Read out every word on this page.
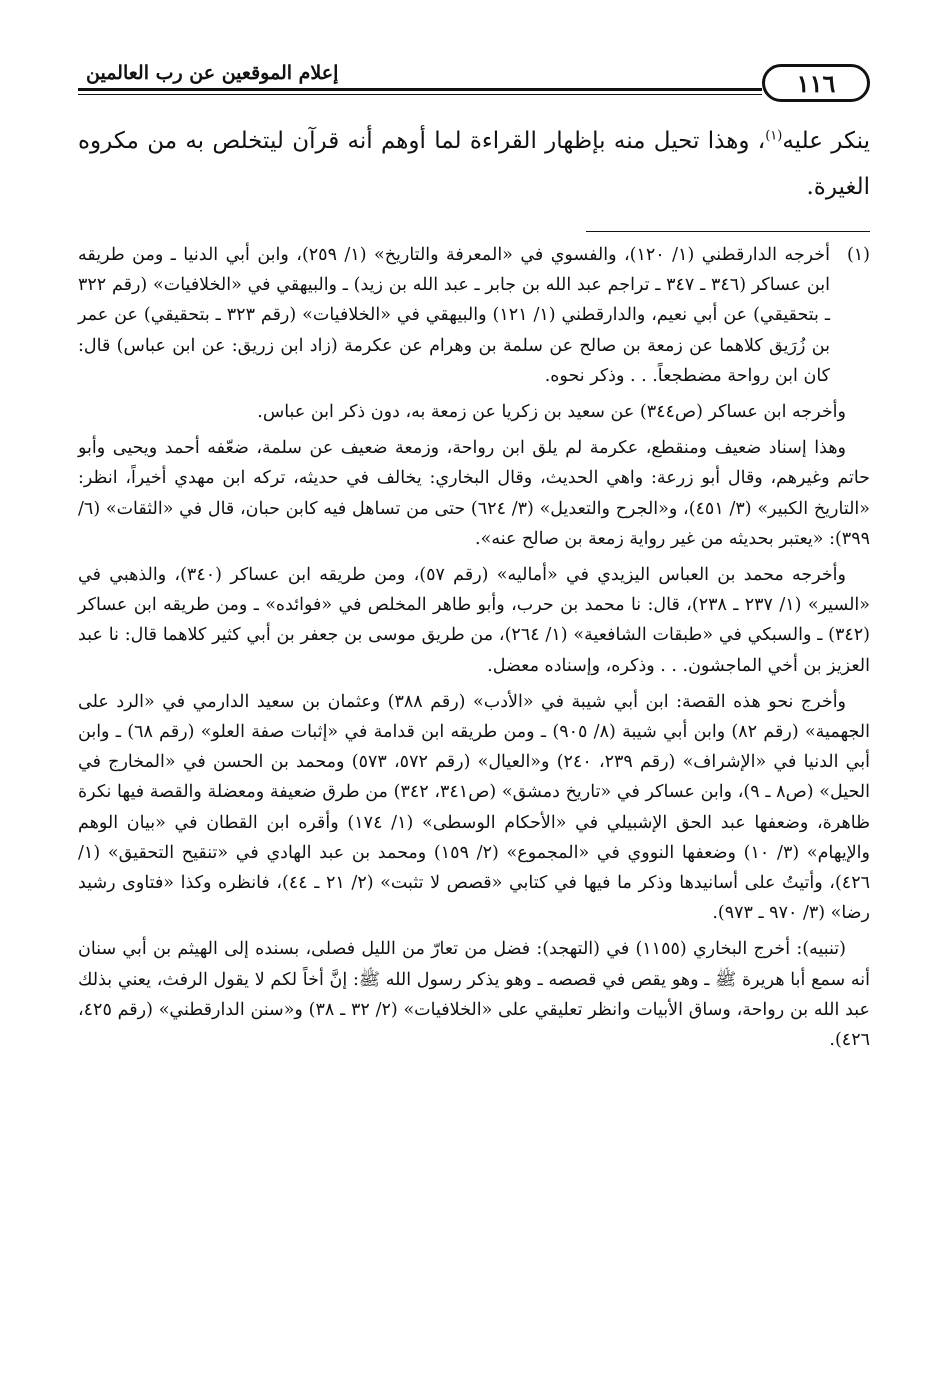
١١٦
إعلام الموقعين عن رب العالمين

ينكر عليه$^{(١)}$، وهذا تحيل منه بإظهار القراءة لما أوهم أنه قرآن ليتخلص به من مكروه الغيرة.

(١)

أخرجه الدارقطني (١/ ١٢٠)، والفسوي في «المعرفة والتاريخ» (١/ ٢٥٩)، وابن أبي الدنيا ـ ومن طريقه ابن عساكر (٣٤٦ ـ ٣٤٧ ـ تراجم عبد الله بن جابر ـ عبد الله بن زيد) ـ والبيهقي في «الخلافيات» (رقم ٣٢٢ ـ بتحقيقي) عن أبي نعيم، والدارقطني (١/ ١٢١) والبيهقي في «الخلافيات» (رقم ٣٢٣ ـ بتحقيقي) عن عمر بن زُرَيق كلاهما عن زمعة بن صالح عن سلمة بن وهرام عن عكرمة (زاد ابن زريق: عن ابن عباس) قال: كان ابن رواحة مضطجعاً. . . وذكر نحوه.

وأخرجه ابن عساكر (ص٣٤٤) عن سعيد بن زكريا عن زمعة به، دون ذكر ابن عباس.

وهذا إسناد ضعيف ومنقطع، عكرمة لم يلق ابن رواحة، وزمعة ضعيف عن سلمة، ضعّفه أحمد ويحيى وأبو حاتم وغيرهم، وقال أبو زرعة: واهي الحديث، وقال البخاري: يخالف في حديثه، تركه ابن مهدي أخيراً، انظر: «التاريخ الكبير» (٣/ ٤٥١)، و«الجرح والتعديل» (٣/ ٦٢٤) حتى من تساهل فيه كابن حبان، قال في «الثقات» (٦/ ٣٩٩): «يعتبر بحديثه من غير رواية زمعة بن صالح عنه».

وأخرجه محمد بن العباس اليزيدي في «أماليه» (رقم ٥٧)، ومن طريقه ابن عساكر (٣٤٠)، والذهبي في «السير» (١/ ٢٣٧ ـ ٢٣٨)، قال: نا محمد بن حرب، وأبو طاهر المخلص في «فوائده» ـ ومن طريقه ابن عساكر (٣٤٢) ـ والسبكي في «طبقات الشافعية» (١/ ٢٦٤)، من طريق موسى بن جعفر بن أبي كثير كلاهما قال: نا عبد العزيز بن أخي الماجشون. . . وذكره، وإسناده معضل.

وأخرج نحو هذه القصة: ابن أبي شيبة في «الأدب» (رقم ٣٨٨) وعثمان بن سعيد الدارمي في «الرد على الجهمية» (رقم ٨٢) وابن أبي شيبة (٨/ ٩٠٥) ـ ومن طريقه ابن قدامة في «إثبات صفة العلو» (رقم ٦٨) ـ وابن أبي الدنيا في «الإشراف» (رقم ٢٣٩، ٢٤٠) و«العيال» (رقم ٥٧٢، ٥٧٣) ومحمد بن الحسن في «المخارج في الحيل» (ص٨ ـ ٩)، وابن عساكر في «تاريخ دمشق» (ص٣٤١، ٣٤٢) من طرق ضعيفة ومعضلة والقصة فيها نكرة ظاهرة، وضعفها عبد الحق الإشبيلي في «الأحكام الوسطى» (١/ ١٧٤) وأقره ابن القطان في «بيان الوهم والإيهام» (٣/ ١٠) وضعفها النووي في «المجموع» (٢/ ١٥٩) ومحمد بن عبد الهادي في «تنقيح التحقيق» (١/ ٤٢٦)، وأتيتُ على أسانيدها وذكر ما فيها في كتابي «قصص لا تثبت» (٢/ ٢١ ـ ٤٤)، فانظره وكذا «فتاوى رشيد رضا» (٣/ ٩٧٠ ـ ٩٧٣).

(تنبيه): أخرج البخاري (١١٥٥) في (التهجد): فضل من تعارّ من الليل فصلى، بسنده إلى الهيثم بن أبي سنان أنه سمع أبا هريرة ﷺ ـ وهو يقص في قصصه ـ وهو يذكر رسول الله ﷺ: إنَّ أخاً لكم لا يقول الرفث، يعني بذلك عبد الله بن رواحة، وساق الأبيات وانظر تعليقي على «الخلافيات» (٢/ ٣٢ ـ ٣٨) و«سنن الدارقطني» (رقم ٤٢٥، ٤٢٦).
